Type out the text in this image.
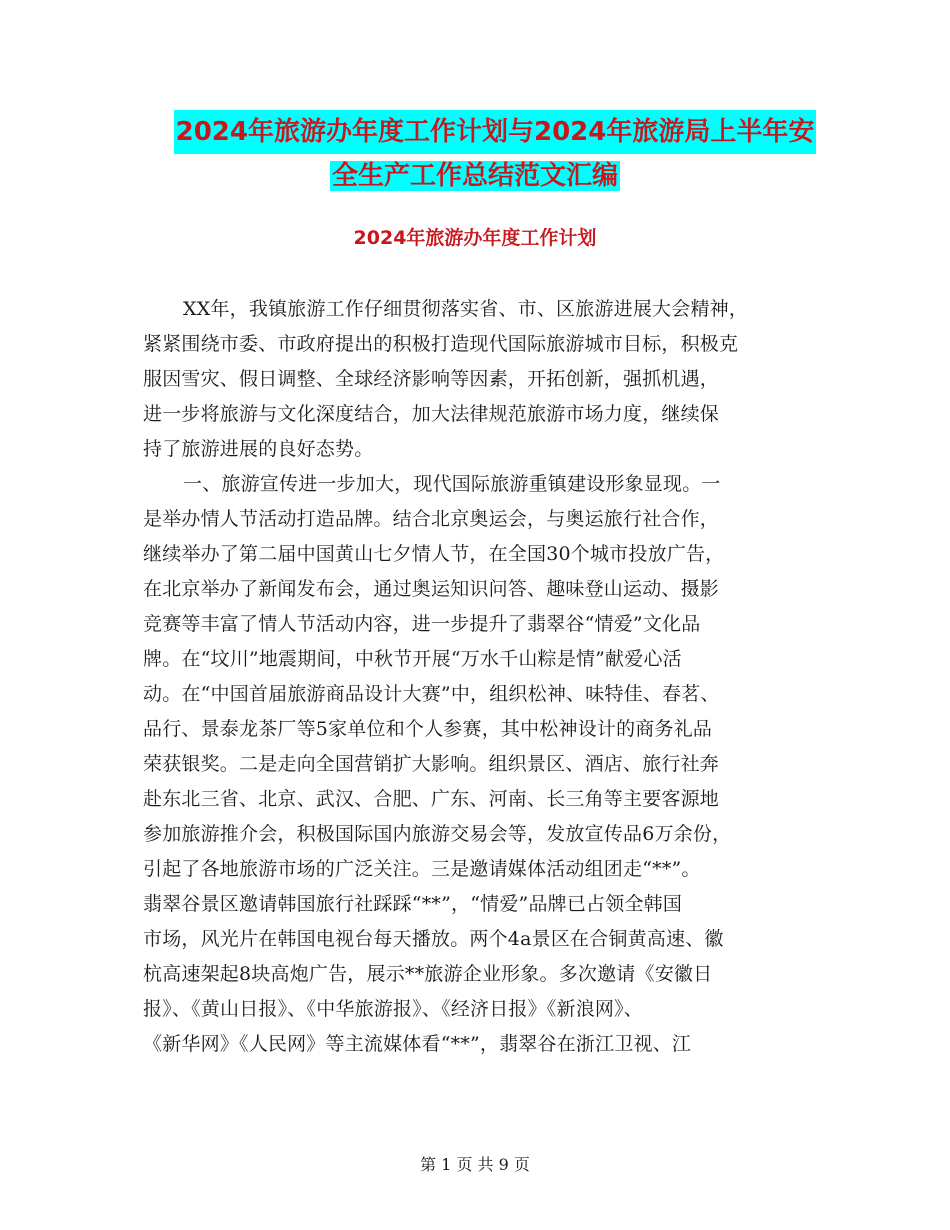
2024年旅游办年度工作计划与2024年旅游局上半年安
全生产工作总结范文汇编
2024年旅游办年度工作计划
XX年，我镇旅游工作仔细贯彻落实省、市、区旅游进展大会精神，
紧紧围绕市委、市政府提出的积极打造现代国际旅游城市目标，积极克
服因雪灾、假日调整、全球经济影响等因素，开拓创新，强抓机遇，
进一步将旅游与文化深度结合，加大法律规范旅游市场力度，继续保
持了旅游进展的良好态势。
一、旅游宣传进一步加大，现代国际旅游重镇建设形象显现。一
是举办情人节活动打造品牌。结合北京奥运会，与奥运旅行社合作，
继续举办了第二届中国黄山七夕情人节，在全国30个城市投放广告，
在北京举办了新闻发布会，通过奥运知识问答、趣味登山运动、摄影
竞赛等丰富了情人节活动内容，进一步提升了翡翠谷“情爱”文化品
牌。在“坟川”地震期间，中秋节开展“万水千山粽是情”献爱心活
动。在“中国首届旅游商品设计大赛”中，组织松神、味特佳、春茗、
品行、景泰龙茶厂等5家单位和个人参赛，其中松神设计的商务礼品
荣获银奖。二是走向全国营销扩大影响。组织景区、酒店、旅行社奔
赴东北三省、北京、武汉、合肥、广东、河南、长三角等主要客源地
参加旅游推介会，积极国际国内旅游交易会等，发放宣传品6万余份，
引起了各地旅游市场的广泛关注。三是邀请媒体活动组团走“**”。
翡翠谷景区邀请韩国旅行社踩踩“**”，“情爱”品牌已占领全韩国
市场，风光片在韩国电视台每天播放。两个4a景区在合铜黄高速、徽
杭高速架起8块高炮广告，展示**旅游企业形象。多次邀请《安徽日
报》、《黄山日报》、《中华旅游报》、《经济日报》《新浪网》、
《新华网》《人民网》等主流媒体看“**”，翡翠谷在浙江卫视、江
第 1 页 共 9 页
